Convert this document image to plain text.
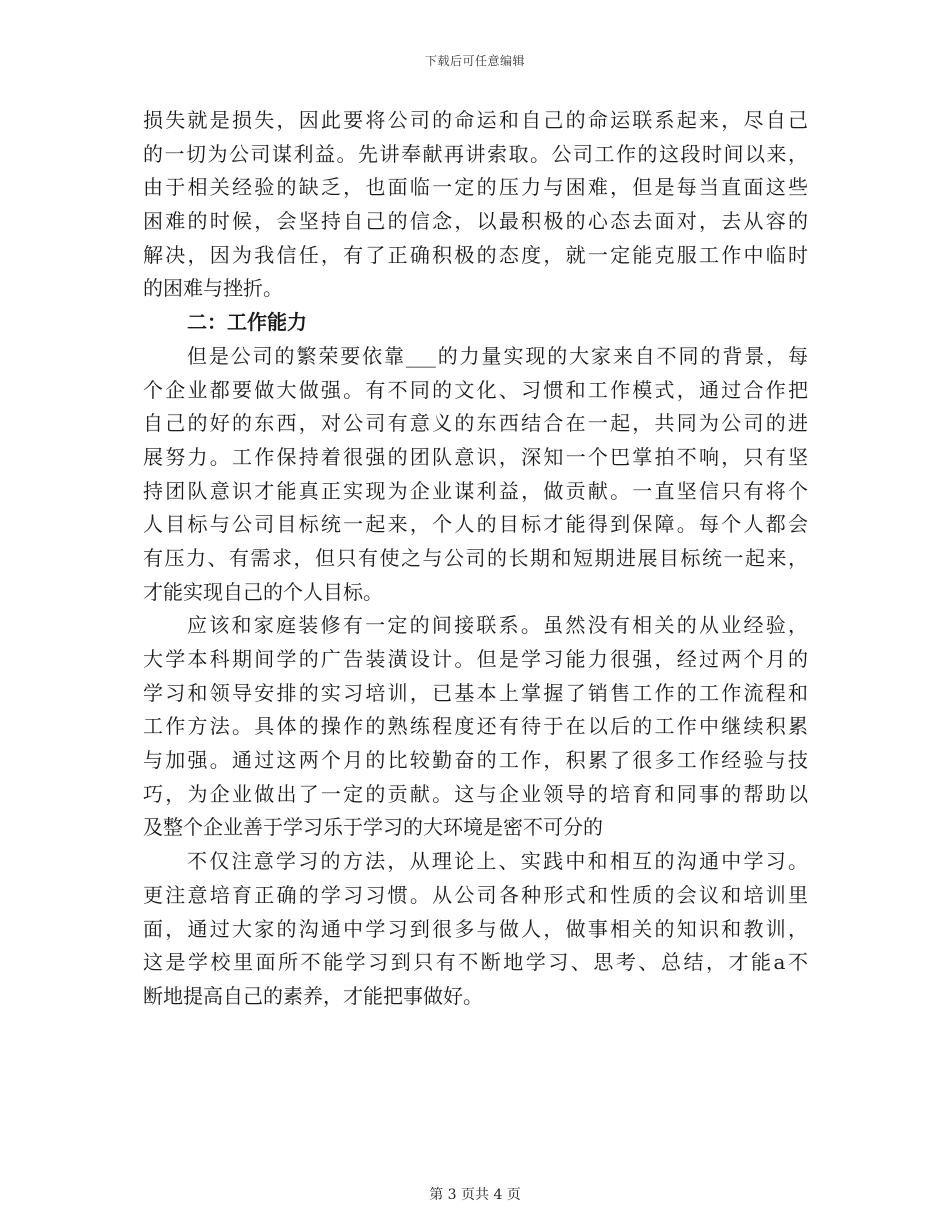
下载后可任意编辑
损失就是损失，因此要将公司的命运和自己的命运联系起来，尽自己
的一切为公司谋利益。先讲奉献再讲索取。公司工作的这段时间以来，
由于相关经验的缺乏，也面临一定的压力与困难，但是每当直面这些
困难的时候，会坚持自己的信念，以最积极的心态去面对，去从容的
解决，因为我信任，有了正确积极的态度，就一定能克服工作中临时
的困难与挫折。
二：工作能力
但是公司的繁荣要依靠___的力量实现的大家来自不同的背景，每
个企业都要做大做强。有不同的文化、习惯和工作模式，通过合作把
自己的好的东西，对公司有意义的东西结合在一起，共同为公司的进
展努力。工作保持着很强的团队意识，深知一个巴掌拍不响，只有坚
持团队意识才能真正实现为企业谋利益，做贡献。一直坚信只有将个
人目标与公司目标统一起来，个人的目标才能得到保障。每个人都会
有压力、有需求，但只有使之与公司的长期和短期进展目标统一起来，
才能实现自己的个人目标。
应该和家庭装修有一定的间接联系。虽然没有相关的从业经验，
大学本科期间学的广告装潢设计。但是学习能力很强，经过两个月的
学习和领导安排的实习培训，已基本上掌握了销售工作的工作流程和
工作方法。具体的操作的熟练程度还有待于在以后的工作中继续积累
与加强。通过这两个月的比较勤奋的工作，积累了很多工作经验与技
巧，为企业做出了一定的贡献。这与企业领导的培育和同事的帮助以
及整个企业善于学习乐于学习的大环境是密不可分的
不仅注意学习的方法，从理论上、实践中和相互的沟通中学习。
更注意培育正确的学习习惯。从公司各种形式和性质的会议和培训里
面，通过大家的沟通中学习到很多与做人，做事相关的知识和教训，
这是学校里面所不能学习到只有不断地学习、思考、总结，才能a不
断地提高自己的素养，才能把事做好。
第 3 页共 4 页
